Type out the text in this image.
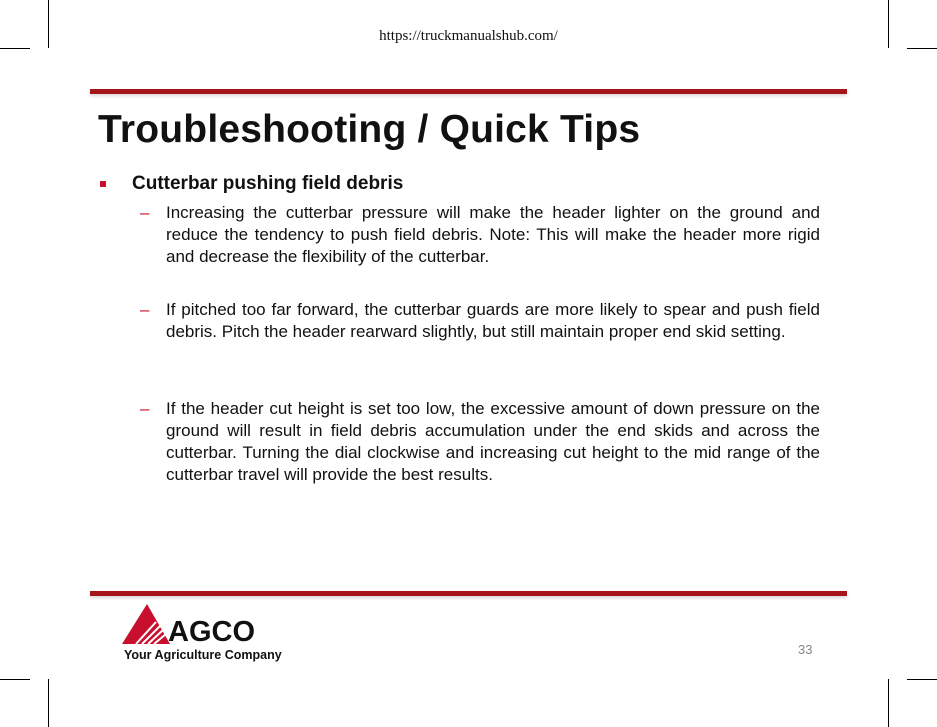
https://truckmanualshub.com/
Troubleshooting / Quick Tips
Cutterbar pushing field debris
– Increasing the cutterbar pressure will make the header lighter on the ground and reduce the tendency to push field debris. Note: This will make the header more rigid and decrease the flexibility of the cutterbar.
– If pitched too far forward, the cutterbar guards are more likely to spear and push field debris. Pitch the header rearward slightly, but still maintain proper end skid setting.
– If the header cut height is set too low, the excessive amount of down pressure on the ground will result in field debris accumulation under the end skids and across the cutterbar. Turning the dial clockwise and increasing cut height to the mid range of the cutterbar travel will provide the best results.
AGCO
Your Agriculture Company	33
